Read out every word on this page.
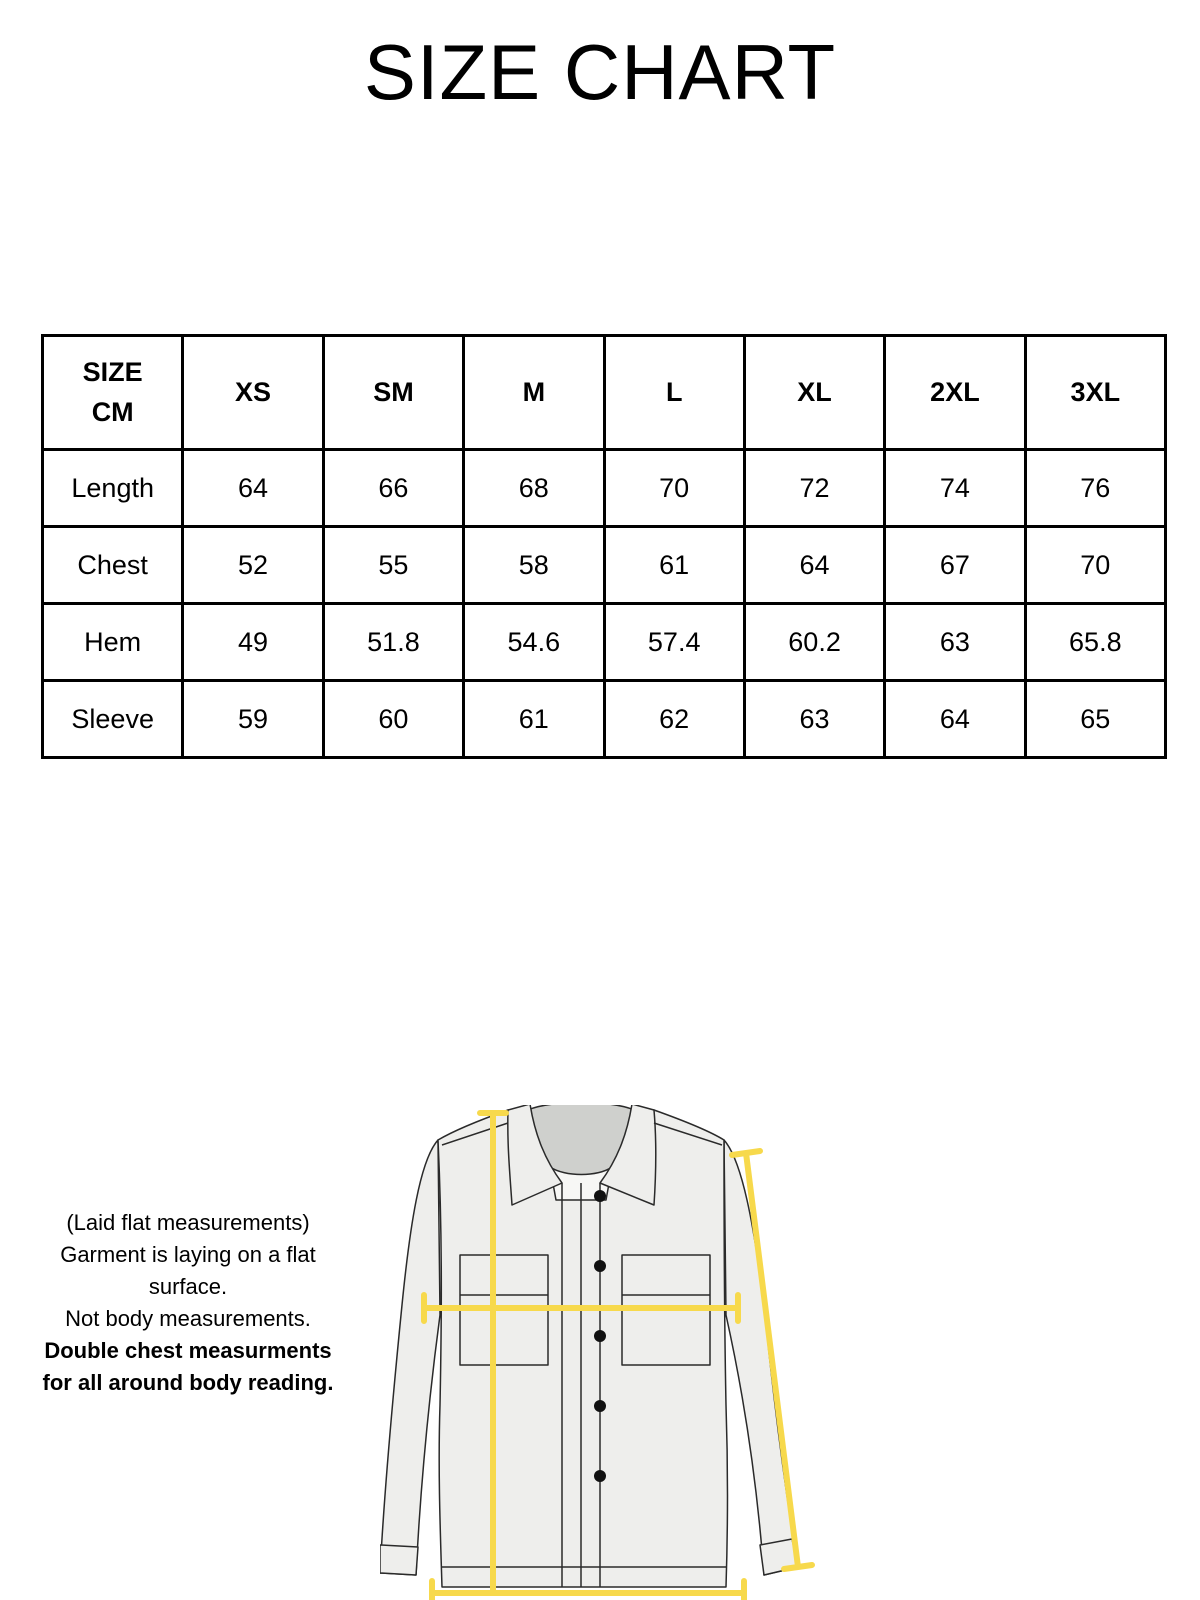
SIZE CHART
SIZE
CM	XS	SM	M	L	XL	2XL	3XL
Length	64	66	68	70	72	74	76
Chest	52	55	58	61	64	67	70
Hem	49	51.8	54.6	57.4	60.2	63	65.8
Sleeve	59	60	61	62	63	64	65
(Laid flat measurements)
Garment is laying on a flat surface.
Not body measurements.
Double chest measurments for all around body reading.
